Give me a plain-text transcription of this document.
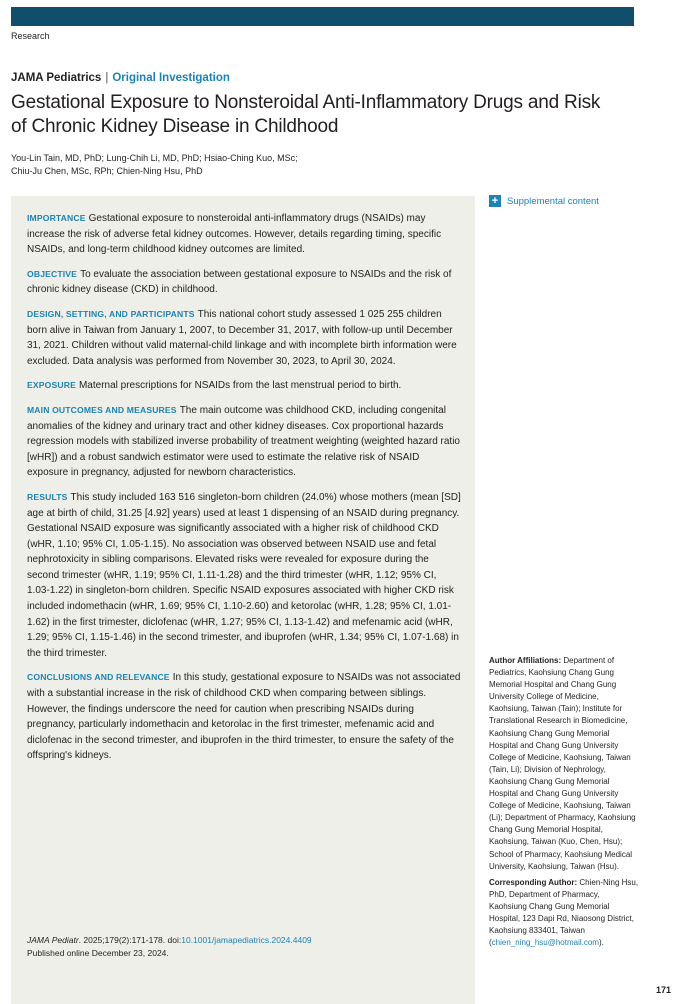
Research
JAMA Pediatrics | Original Investigation
Gestational Exposure to Nonsteroidal Anti-Inflammatory Drugs and Risk of Chronic Kidney Disease in Childhood
You-Lin Tain, MD, PhD; Lung-Chih Li, MD, PhD; Hsiao-Ching Kuo, MSc;
Chiu-Ju Chen, MSc, RPh; Chien-Ning Hsu, PhD

IMPORTANCE Gestational exposure to nonsteroidal anti-inflammatory drugs (NSAIDs) may increase the risk of adverse fetal kidney outcomes. However, details regarding timing, specific NSAIDs, and long-term childhood kidney outcomes are limited.

OBJECTIVE To evaluate the association between gestational exposure to NSAIDs and the risk of chronic kidney disease (CKD) in childhood.

DESIGN, SETTING, AND PARTICIPANTS This national cohort study assessed 1 025 255 children born alive in Taiwan from January 1, 2007, to December 31, 2017, with follow-up until December 31, 2021. Children without valid maternal-child linkage and with incomplete birth information were excluded. Data analysis was performed from November 30, 2023, to April 30, 2024.

EXPOSURE Maternal prescriptions for NSAIDs from the last menstrual period to birth.

MAIN OUTCOMES AND MEASURES The main outcome was childhood CKD, including congenital anomalies of the kidney and urinary tract and other kidney diseases. Cox proportional hazards regression models with stabilized inverse probability of treatment weighting (weighted hazard ratio [wHR]) and a robust sandwich estimator were used to estimate the relative risk of NSAID exposure in pregnancy, adjusted for newborn characteristics.

RESULTS This study included 163 516 singleton-born children (24.0%) whose mothers (mean [SD] age at birth of child, 31.25 [4.92] years) used at least 1 dispensing of an NSAID during pregnancy. Gestational NSAID exposure was significantly associated with a higher risk of childhood CKD (wHR, 1.10; 95% CI, 1.05-1.15). No association was observed between NSAID use and fetal nephrotoxicity in sibling comparisons. Elevated risks were revealed for exposure during the second trimester (wHR, 1.19; 95% CI, 1.11-1.28) and the third trimester (wHR, 1.12; 95% CI, 1.03-1.22) in singleton-born children. Specific NSAID exposures associated with higher CKD risk included indomethacin (wHR, 1.69; 95% CI, 1.10-2.60) and ketorolac (wHR, 1.28; 95% CI, 1.01-1.62) in the first trimester, diclofenac (wHR, 1.27; 95% CI, 1.13-1.42) and mefenamic acid (wHR, 1.29; 95% CI, 1.15-1.46) in the second trimester, and ibuprofen (wHR, 1.34; 95% CI, 1.07-1.68) in the third trimester.

CONCLUSIONS AND RELEVANCE In this study, gestational exposure to NSAIDs was not associated with a substantial increase in the risk of childhood CKD when comparing between siblings. However, the findings underscore the need for caution when prescribing NSAIDs during pregnancy, particularly indomethacin and ketorolac in the first trimester, mefenamic acid and diclofenac in the second trimester, and ibuprofen in the third trimester, to ensure the safety of the offspring's kidneys.

JAMA Pediatr. 2025;179(2):171-178. doi:10.1001/jamapediatrics.2024.4409
Published online December 23, 2024.
+ Supplemental content

Author Affiliations: Department of Pediatrics, Kaohsiung Chang Gung Memorial Hospital and Chang Gung University College of Medicine, Kaohsiung, Taiwan (Tain); Institute for Translational Research in Biomedicine, Kaohsiung Chang Gung Memorial Hospital and Chang Gung University College of Medicine, Kaohsiung, Taiwan (Tain, Li); Division of Nephrology, Kaohsiung Chang Gung Memorial Hospital and Chang Gung University College of Medicine, Kaohsiung, Taiwan (Li); Department of Pharmacy, Kaohsiung Chang Gung Memorial Hospital, Kaohsiung, Taiwan (Kuo, Chen, Hsu); School of Pharmacy, Kaohsiung Medical University, Kaohsiung, Taiwan (Hsu).

Corresponding Author: Chien-Ning Hsu, PhD, Department of Pharmacy, Kaohsiung Chang Gung Memorial Hospital, 123 Dapi Rd, Niaosong District, Kaohsiung 833401, Taiwan (chien_ning_hsu@hotmail.com).

171
